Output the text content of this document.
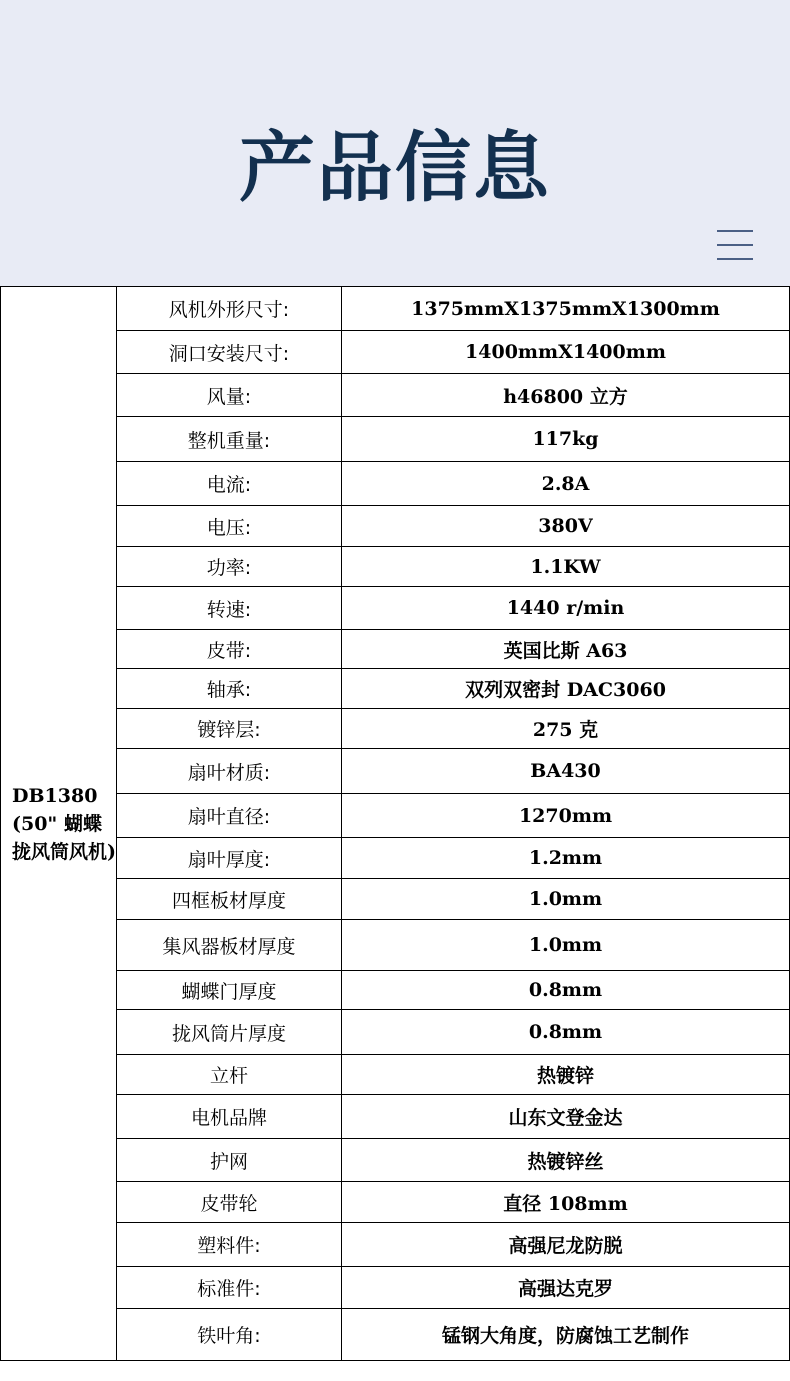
产品信息
DB1380 (50" 蝴蝶拢风筒风机)	风机外形尺寸:	1375mmX1375mmX1300mm
	洞口安装尺寸:	1400mmX1400mm
	风量:	h46800 立方
	整机重量:	117kg
	电流:	2.8A
	电压:	380V
	功率:	1.1KW
	转速:	1440 r/min
	皮带:	英国比斯 A63
	轴承:	双列双密封 DAC3060
	镀锌层:	275 克
	扇叶材质:	BA430
	扇叶直径:	1270mm
	扇叶厚度:	1.2mm
	四框板材厚度	1.0mm
	集风器板材厚度	1.0mm
	蝴蝶门厚度	0.8mm
	拢风筒片厚度	0.8mm
	立杆	热镀锌
	电机品牌	山东文登金达
	护网	热镀锌丝
	皮带轮	直径 108mm
	塑料件:	高强尼龙防脱
	标准件:	高强达克罗
	铁叶角:	锰钢大角度，防腐蚀工艺制作
